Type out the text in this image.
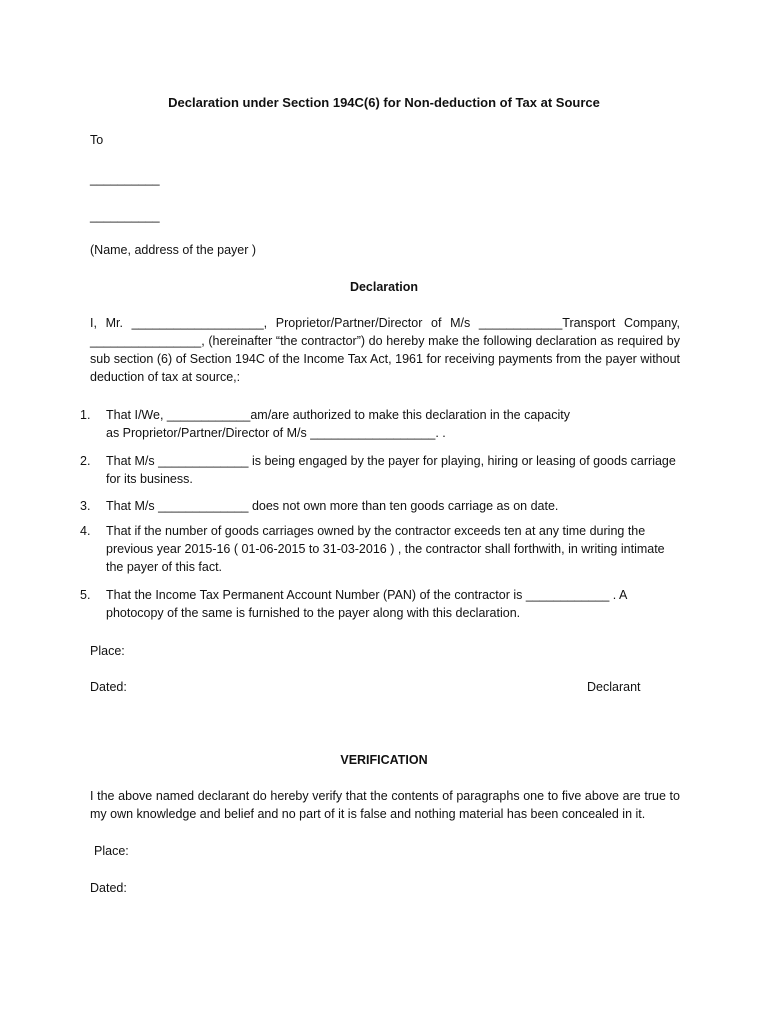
Declaration under Section 194C(6) for Non-deduction of Tax at Source
To
__________
__________
(Name, address of the payer )
Declaration
I, Mr. ___________________, Proprietor/Partner/Director of M/s ____________Transport Company, ________________, (hereinafter “the contractor”) do hereby make the following declaration as required by sub section (6) of Section 194C of the Income Tax Act, 1961 for receiving payments from the payer without deduction of tax at source,:
1. That I/We, ____________am/are authorized to make this declaration in the capacity
as Proprietor/Partner/Director of M/s __________________. .
2. That M/s _____________ is being engaged by the payer for playing, hiring or leasing of goods carriage for its business.
3. That M/s _____________ does not own more than ten goods carriage as on date.
4. That if the number of goods carriages owned by the contractor exceeds ten at any time during the previous year 2015-16 ( 01-06-2015 to 31-03-2016 ) , the contractor shall forthwith, in writing intimate the payer of this fact.
5. That the Income Tax Permanent Account Number (PAN) of the contractor is ____________ . A photocopy of the same is furnished to the payer along with this declaration.
Place:
Dated:	Declarant
VERIFICATION
I the above named declarant do hereby verify that the contents of paragraphs one to five above are true to my own knowledge and belief and no part of it is false and nothing material has been concealed in it.
Place:
Dated:
